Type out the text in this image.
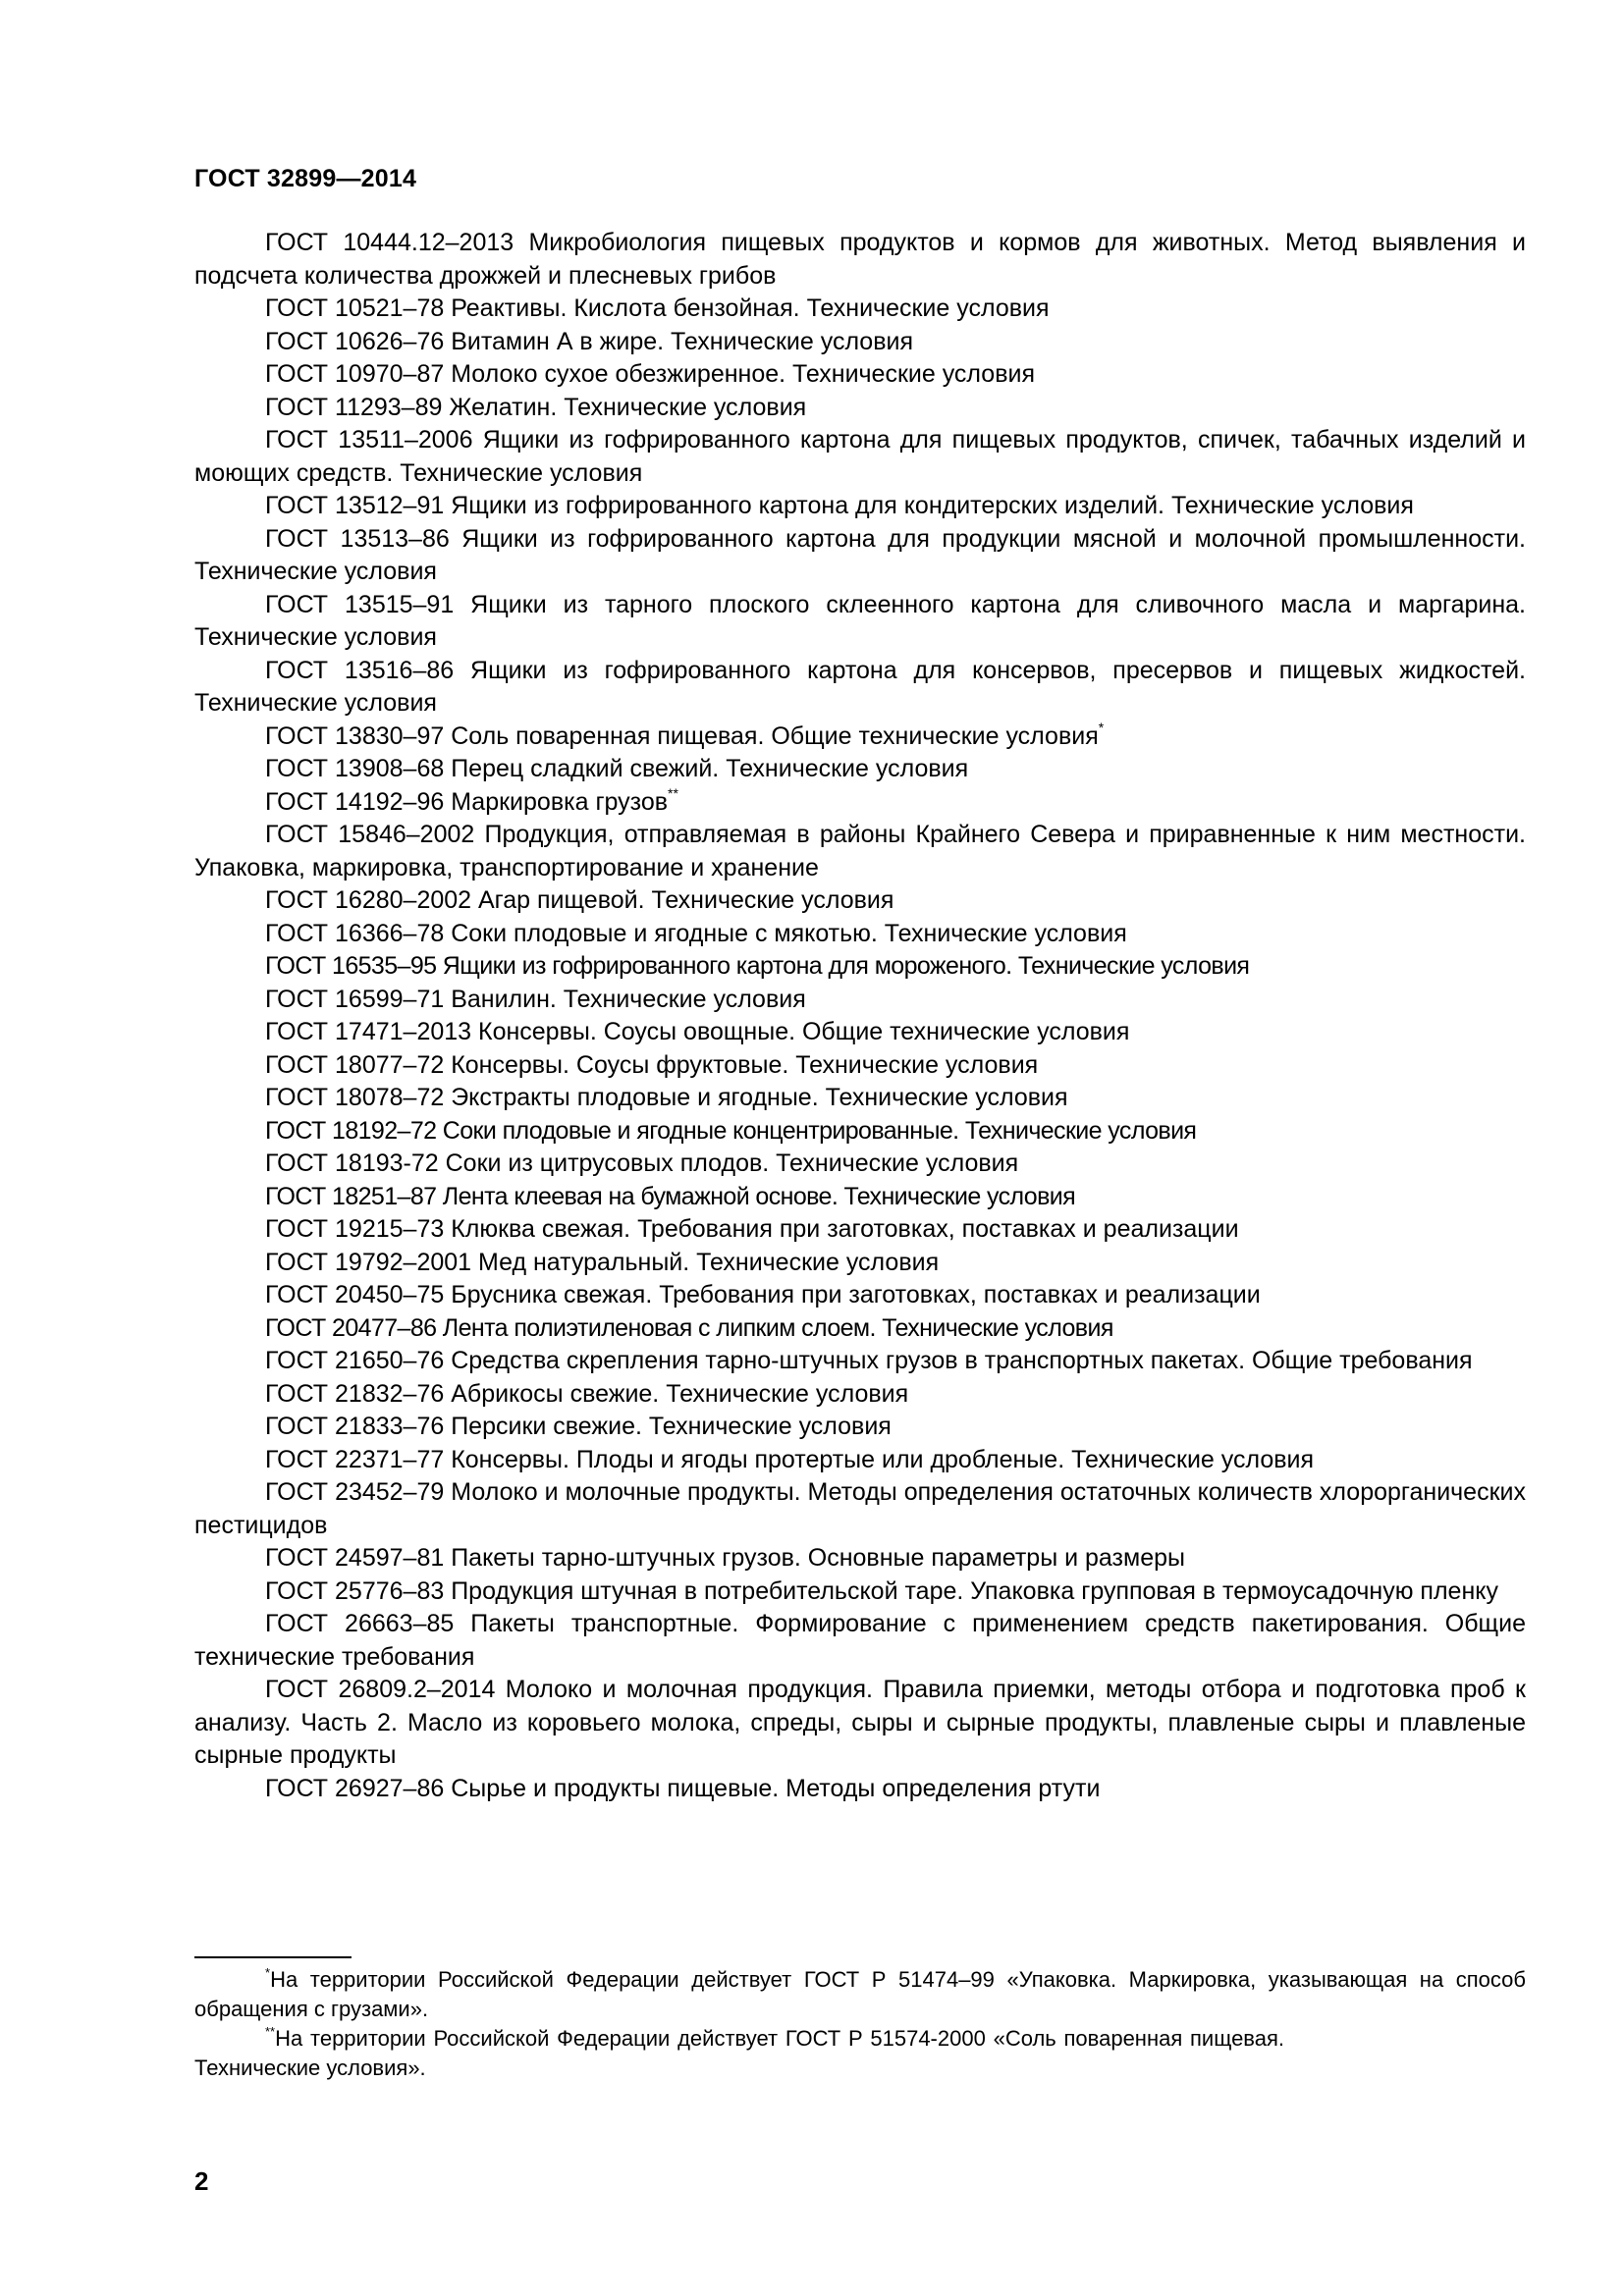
ГОСТ 32899—2014

ГОСТ 10444.12–2013 Микробиология пищевых продуктов и кормов для животных. Метод выявления и подсчета количества дрожжей и плесневых грибов

ГОСТ 10521–78 Реактивы. Кислота бензойная. Технические условия

ГОСТ 10626–76 Витамин А в жире. Технические условия

ГОСТ 10970–87 Молоко сухое обезжиренное. Технические условия

ГОСТ 11293–89 Желатин. Технические условия

ГОСТ 13511–2006 Ящики из гофрированного картона для пищевых продуктов, спичек, табачных изделий и моющих средств. Технические условия

ГОСТ 13512–91 Ящики из гофрированного картона для кондитерских изделий. Технические условия

ГОСТ 13513–86 Ящики из гофрированного картона для продукции мясной и молочной промышленности. Технические условия

ГОСТ 13515–91 Ящики из тарного плоского склеенного картона для сливочного масла и маргарина. Технические условия

ГОСТ 13516–86 Ящики из гофрированного картона для консервов, пресервов и пищевых жидкостей. Технические условия

ГОСТ 13830–97 Соль поваренная пищевая. Общие технические условия*

ГОСТ 13908–68 Перец сладкий свежий. Технические условия

ГОСТ 14192–96 Маркировка грузов**

ГОСТ 15846–2002 Продукция, отправляемая в районы Крайнего Севера и приравненные к ним местности. Упаковка, маркировка, транспортирование и хранение

ГОСТ 16280–2002 Агар пищевой. Технические условия

ГОСТ 16366–78 Соки плодовые и ягодные с мякотью. Технические условия

ГОСТ 16535–95 Ящики из гофрированного картона для мороженого. Технические условия

ГОСТ 16599–71 Ванилин. Технические условия

ГОСТ 17471–2013 Консервы. Соусы овощные. Общие технические условия

ГОСТ 18077–72 Консервы. Соусы фруктовые. Технические условия

ГОСТ 18078–72 Экстракты плодовые и ягодные. Технические условия

ГОСТ 18192–72 Соки плодовые и ягодные концентрированные. Технические условия

ГОСТ 18193-72 Соки из цитрусовых плодов. Технические условия

ГОСТ 18251–87 Лента клеевая на бумажной основе. Технические условия

ГОСТ 19215–73 Клюква свежая. Требования при заготовках, поставках и реализации

ГОСТ 19792–2001 Мед натуральный. Технические условия

ГОСТ 20450–75 Брусника свежая. Требования при заготовках, поставках и реализации

ГОСТ 20477–86 Лента полиэтиленовая с липким слоем. Технические условия

ГОСТ 21650–76 Средства скрепления тарно-штучных грузов в транспортных пакетах. Общие требования

ГОСТ 21832–76 Абрикосы свежие. Технические условия

ГОСТ 21833–76 Персики свежие. Технические условия

ГОСТ 22371–77 Консервы. Плоды и ягоды протертые или дробленые. Технические условия

ГОСТ 23452–79 Молоко и молочные продукты. Методы определения остаточных количеств хлорорганических пестицидов

ГОСТ 24597–81 Пакеты тарно-штучных грузов. Основные параметры и размеры

ГОСТ 25776–83 Продукция штучная в потребительской таре. Упаковка групповая в термоусадочную пленку

ГОСТ 26663–85 Пакеты транспортные. Формирование с применением средств пакетирования. Общие технические требования

ГОСТ 26809.2–2014 Молоко и молочная продукция. Правила приемки, методы отбора и подготовка проб к анализу. Часть 2. Масло из коровьего молока, спреды, сыры и сырные продукты, плавленые сыры и плавленые сырные продукты

ГОСТ 26927–86 Сырье и продукты пищевые. Методы определения ртути

*На территории Российской Федерации действует ГОСТ Р 51474–99 «Упаковка. Маркировка, указывающая на способ обращения с грузами».

**На территории Российской Федерации действует ГОСТ Р 51574-2000 «Соль поваренная пищевая. Технические условия».

2
